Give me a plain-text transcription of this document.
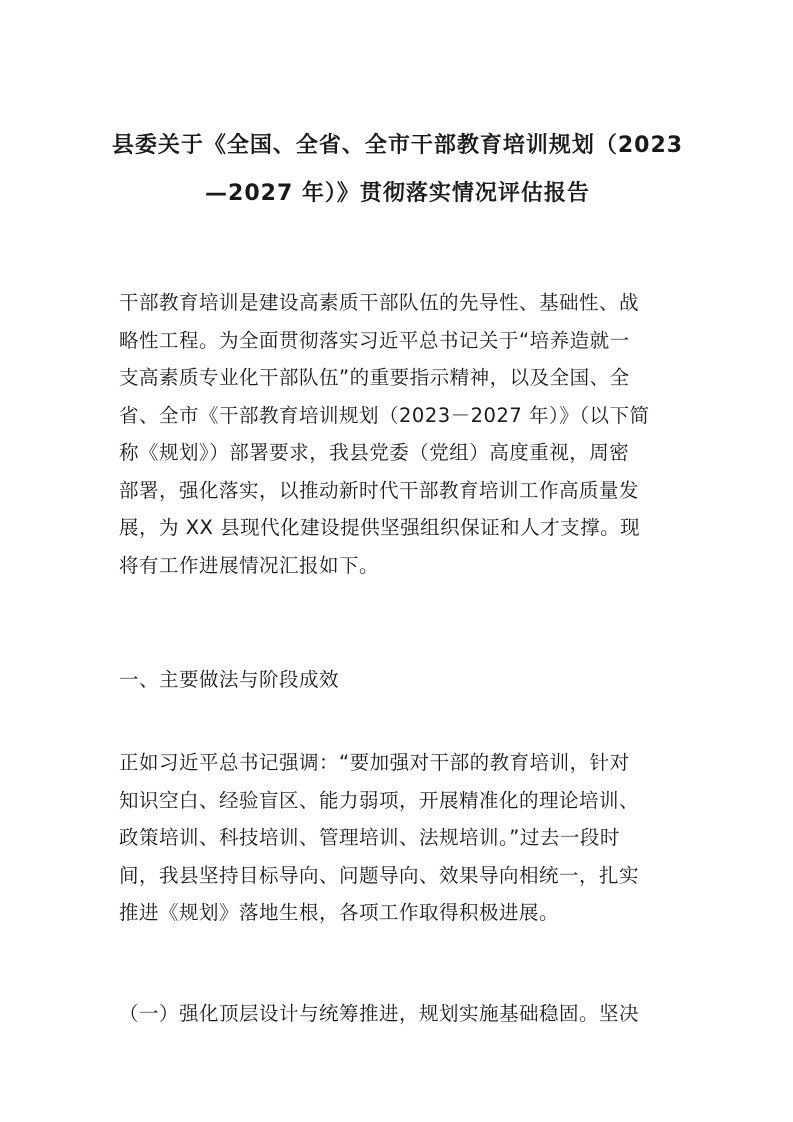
县委关于《全国、全省、全市干部教育培训规划（2023
—2027 年）》贯彻落实情况评估报告
干部教育培训是建设高素质干部队伍的先导性、基础性、战
略性工程。为全面贯彻落实习近平总书记关于“培养造就一
支高素质专业化干部队伍”的重要指示精神，以及全国、全
省、全市《干部教育培训规划（2023－2027 年）》（以下简
称《规划》）部署要求，我县党委（党组）高度重视，周密
部署，强化落实，以推动新时代干部教育培训工作高质量发
展，为 XX 县现代化建设提供坚强组织保证和人才支撑。现
将有工作进展情况汇报如下。
一、主要做法与阶段成效
正如习近平总书记强调：“要加强对干部的教育培训，针对
知识空白、经验盲区、能力弱项，开展精准化的理论培训、
政策培训、科技培训、管理培训、法规培训。”过去一段时
间，我县坚持目标导向、问题导向、效果导向相统一，扎实
推进《规划》落地生根，各项工作取得积极进展。
（一）强化顶层设计与统筹推进，规划实施基础稳固。坚决
